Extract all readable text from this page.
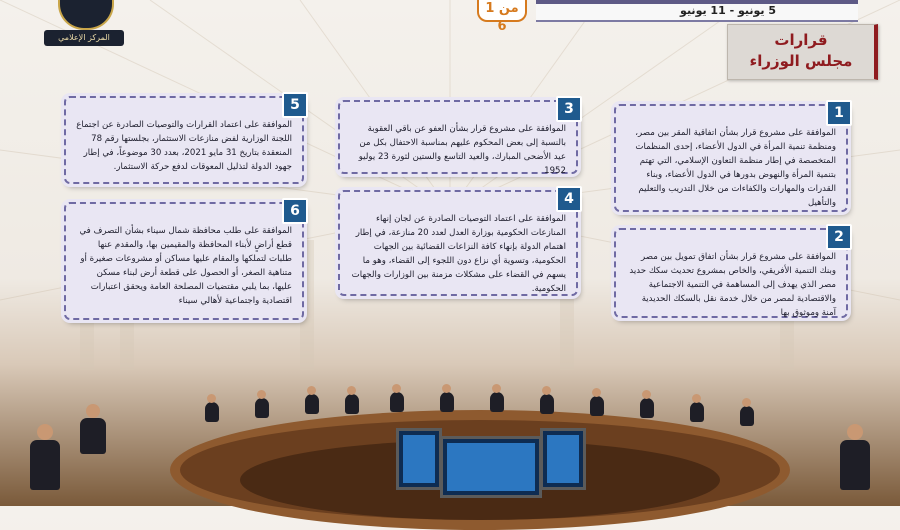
المركز الإعلامي
5 يونيو - 11 يونيو
1 من 6
قرارات
مجلس الوزراء
1
الموافقة على مشروع قرار بشأن اتفاقية المقر بين مصر، ومنظمة تنمية المرأة في الدول الأعضاء، إحدى المنظمات المتخصصة في إطار منظمة التعاون الإسلامي، التي تهتم بتنمية المرأة والنهوض بدورها في الدول الأعضاء، وبناء القدرات والمهارات والكفاءات من خلال التدريب والتعليم والتأهيل
2
الموافقة على مشروع قرار بشأن اتفاق تمويل بين مصر وبنك التنمية الأفريقي، والخاص بمشروع تحديث سكك حديد مصر الذي يهدف إلى المساهمة في التنمية الاجتماعية والاقتصادية لمصر من خلال خدمة نقل بالسكك الحديدية آمنة وموثوق بها
3
الموافقة على مشروع قرار بشأن العفو عن باقي العقوبة بالنسبة إلى بعض المحكوم عليهم بمناسبة الاحتفال بكل من عيد الأضحى المبارك، والعيد التاسع والستين لثورة 23 يوليو 1952
4
الموافقة على اعتماد التوصيات الصادرة عن لجان إنهاء المنازعات الحكومية بوزارة العدل لعدد 20 منازعة، في إطار اهتمام الدولة بإنهاء كافة النزاعات القضائية بين الجهات الحكومية، وتسوية أي نزاع دون اللجوء إلى القضاء، وهو ما يسهم في القضاء على مشكلات مزمنة بين الوزارات والجهات الحكومية.
5
الموافقة على اعتماد القرارات والتوصيات الصادرة عن اجتماع اللجنة الوزارية لفض منازعات الاستثمار، بجلستها رقم 78 المنعقدة بتاريخ 31 مايو 2021، بعدد 30 موضوعاً، في إطار جهود الدولة لتذليل المعوقات لدفع حركة الاستثمار.
6
الموافقة على طلب محافظة شمال سيناء بشأن التصرف في قطع أراضٍ لأبناء المحافظة والمقيمين بها، والمقدم عنها طلبات لتملكها والمقام عليها مساكن أو مشروعات صغيرة أو متناهية الصغر، أو الحصول على قطعة أرض لبناء مسكن عليها، بما يلبي مقتضيات المصلحة العامة ويحقق اعتبارات اقتصادية واجتماعية لأهالي سيناء
